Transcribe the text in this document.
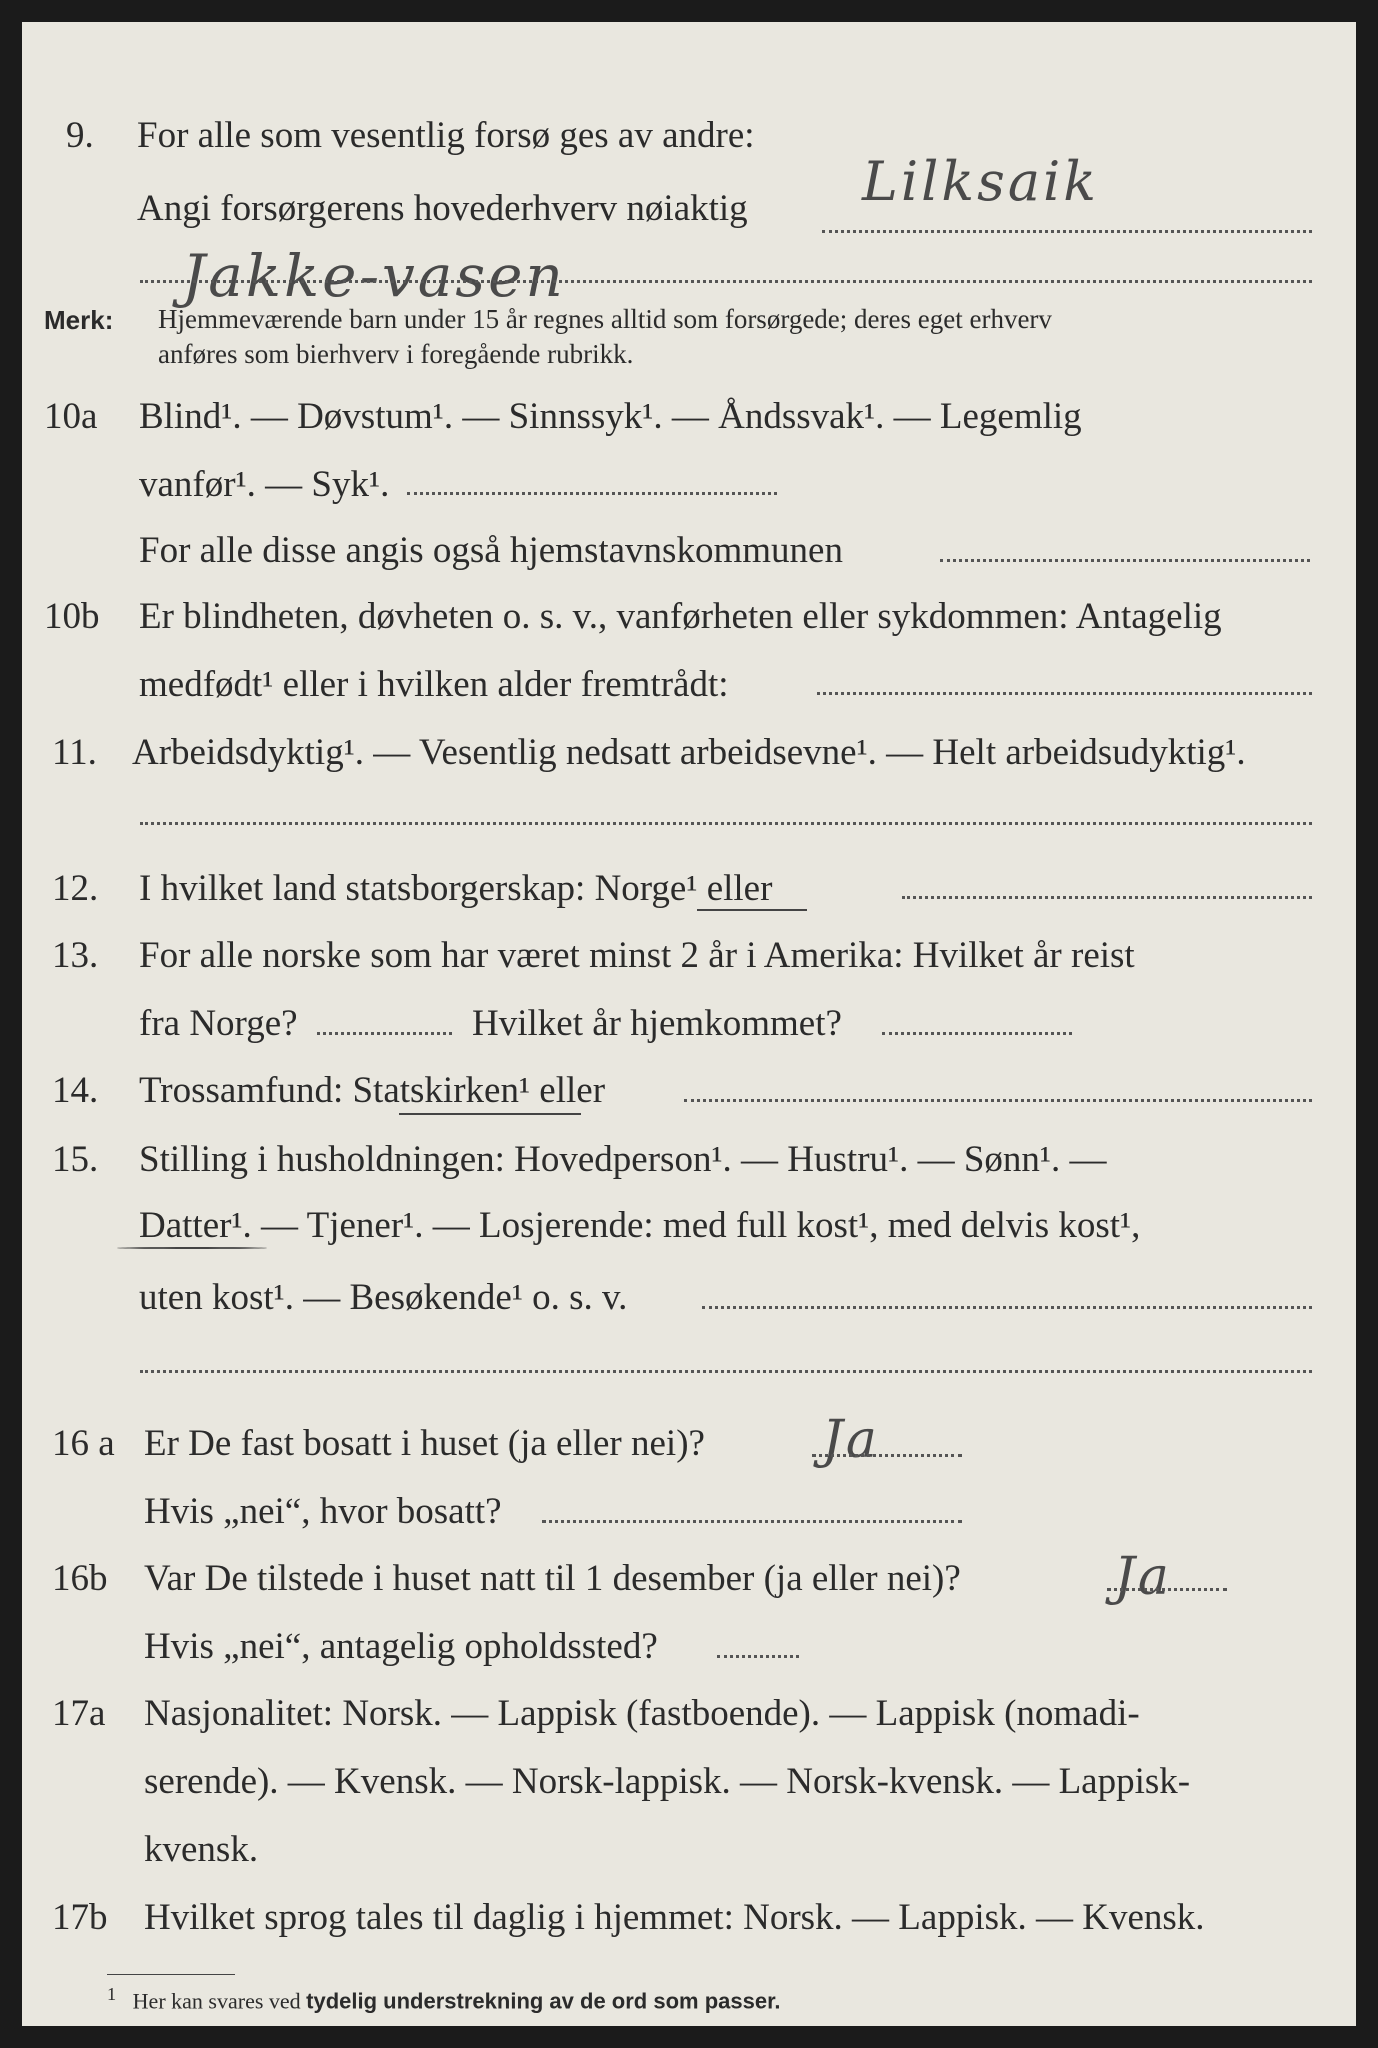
9. For alle som vesentlig forsø ges av andre:
Lilksaik
Angi forsørgerens hovederhverv nøiaktig
Jakke-vasen
Merk: Hjemmeværende barn under 15 år regnes alltid som forsørgede; deres eget erhverv
anføres som bierhverv i foregående rubrikk.
10a Blind¹. — Døvstum¹. — Sinnssyk¹. — Åndssvak¹. — Legemlig
vanfør¹. — Syk¹.
For alle disse angis også hjemstavnskommunen
10b Er blindheten, døvheten o. s. v., vanførheten eller sykdommen: Antagelig
medfødt¹ eller i hvilken alder fremtrådt:
11. Arbeidsdyktig¹. — Vesentlig nedsatt arbeidsevne¹. — Helt arbeidsudyktig¹.
12. I hvilket land statsborgerskap: Norge¹ eller
13. For alle norske som har været minst 2 år i Amerika: Hvilket år reist
fra Norge?	Hvilket år hjemkommet?
14. Trossamfund: Statskirken¹ eller
15. Stilling i husholdningen: Hovedperson¹. — Hustru¹. — Sønn¹. —
Datter¹. — Tjener¹. — Losjerende: med full kost¹, med delvis kost¹,
uten kost¹. — Besøkende¹ o. s. v.
16 a Er De fast bosatt i huset (ja eller nei)? Ja
Hvis „nei“, hvor bosatt?
16b Var De tilstede i huset natt til 1 desember (ja eller nei)?	Ja
Hvis „nei“, antagelig opholdssted?
17a Nasjonalitet: Norsk. — Lappisk (fastboende). — Lappisk (nomadi-
serende). — Kvensk. — Norsk-lappisk. — Norsk-kvensk. — Lappisk-
kvensk.
17b Hvilket sprog tales til daglig i hjemmet: Norsk. — Lappisk. — Kvensk.
$^1$ Her kan svares ved tydelig understrekning av de ord som passer.
